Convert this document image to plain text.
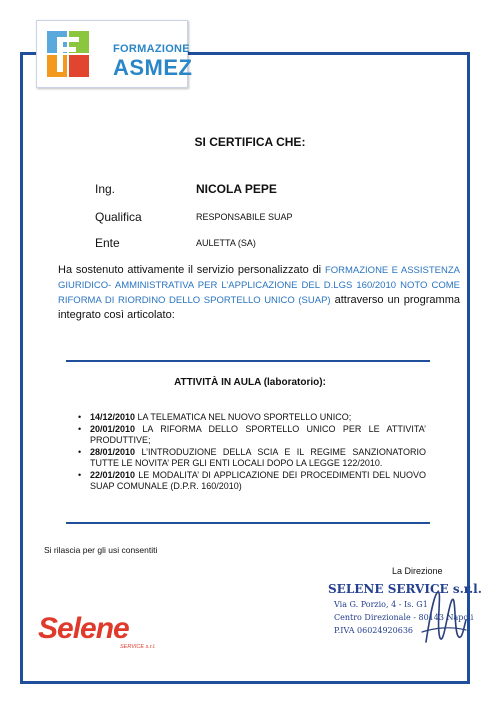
FORMAZIONE
ASMEZ
SI CERTIFICA CHE:
Ing.	NICOLA PEPE
Qualifica	RESPONSABILE SUAP
Ente	AULETTA (SA)
Ha sostenuto attivamente il servizio personalizzato di FORMAZIONE E ASSISTENZA GIURIDICO- AMMINISTRATIVA PER L’APPLICAZIONE DEL D.LGS 160/2010 NOTO COME RIFORMA DI RIORDINO DELLO SPORTELLO UNICO (SUAP) attraverso un programma integrato così articolato:
ATTIVITÀ IN AULA (laboratorio):
• 14/12/2010 LA TELEMATICA NEL NUOVO SPORTELLO UNICO;
• 20/01/2010 LA RIFORMA DELLO SPORTELLO UNICO PER LE ATTIVITA’ PRODUTTIVE;
• 28/01/2010 L’INTRODUZIONE DELLA SCIA E IL REGIME SANZIONATORIO TUTTE LE NOVITA’ PER GLI ENTI LOCALI DOPO LA LEGGE 122/2010.
• 22/01/2010 LE MODALITA’ DI APPLICAZIONE DEI PROCEDIMENTI DEL NUOVO SUAP COMUNALE (D.P.R. 160/2010)
Si rilascia per gli usi consentiti
La Direzione
SELENE SERVICE s.r.l.
Via G. Porzio, 4 - Is. G1
Centro Direzionale - 80143 Napoli
P.IVA 06024920636
Selene
SERVICE s.r.l.
